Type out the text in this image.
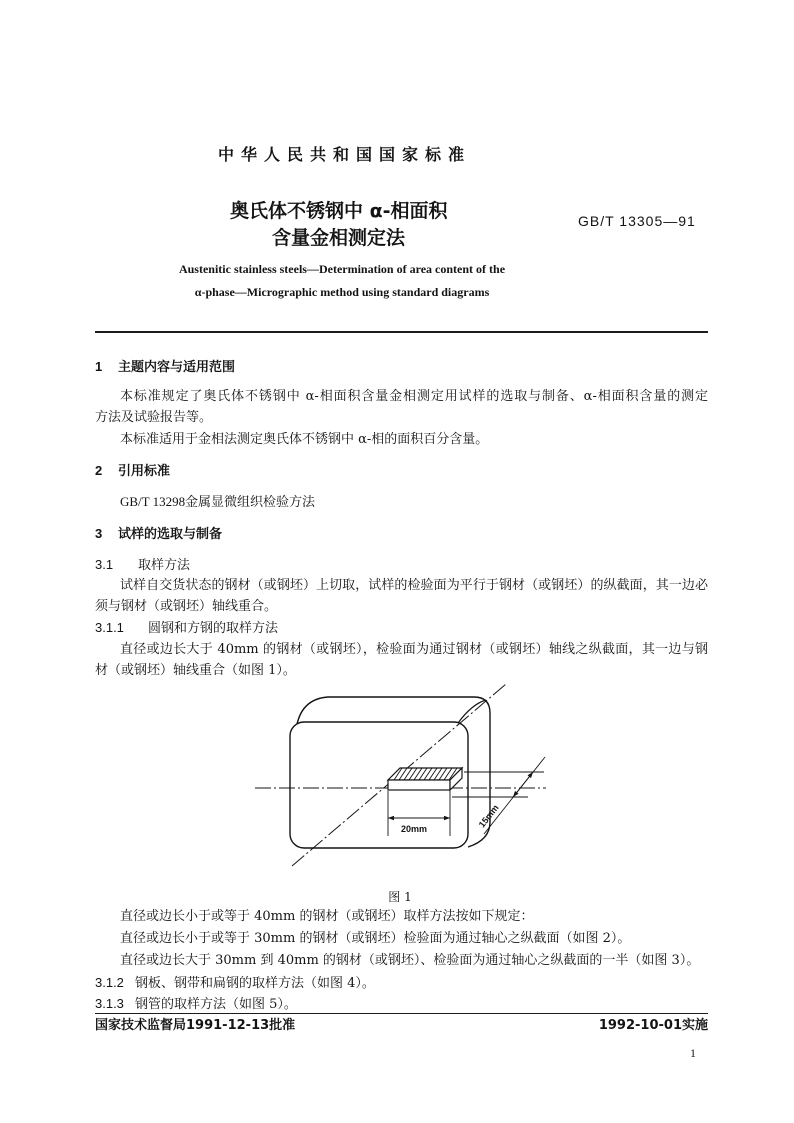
中华人民共和国国家标准
奥氏体不锈钢中 α-相面积
含量金相测定法
GB/T 13305—91
Austenitic stainless steels—Determination of area content of the
α-phase—Micrographic method using standard diagrams
1 主题内容与适用范围
本标准规定了奥氏体不锈钢中 α-相面积含量金相测定用试样的选取与制备、α-相面积含量的测定
方法及试验报告等。
本标准适用于金相法测定奥氏体不锈钢中 α-相的面积百分含量。
2 引用标准
GB/T 13298金属显微组织检验方法
3 试样的选取与制备
3.1 取样方法
试样自交货状态的钢材（或钢坯）上切取，试样的检验面为平行于钢材（或钢坯）的纵截面，其一边必
须与钢材（或钢坯）轴线重合。
3.1.1 圆钢和方钢的取样方法
直径或边长大于 40mm 的钢材（或钢坯），检验面为通过钢材（或钢坯）轴线之纵截面，其一边与钢
材（或钢坯）轴线重合（如图 1）。
20mm	15mm
图 1
直径或边长小于或等于 40mm 的钢材（或钢坯）取样方法按如下规定：
直径或边长小于或等于 30mm 的钢材（或钢坯）检验面为通过轴心之纵截面（如图 2）。
直径或边长大于 30mm 到 40mm 的钢材（或钢坯）、检验面为通过轴心之纵截面的一半（如图 3）。
3.1.2 钢板、钢带和扁钢的取样方法（如图 4）。
3.1.3 钢管的取样方法（如图 5）。
国家技术监督局1991-12-13批准	1992-10-01实施
1
